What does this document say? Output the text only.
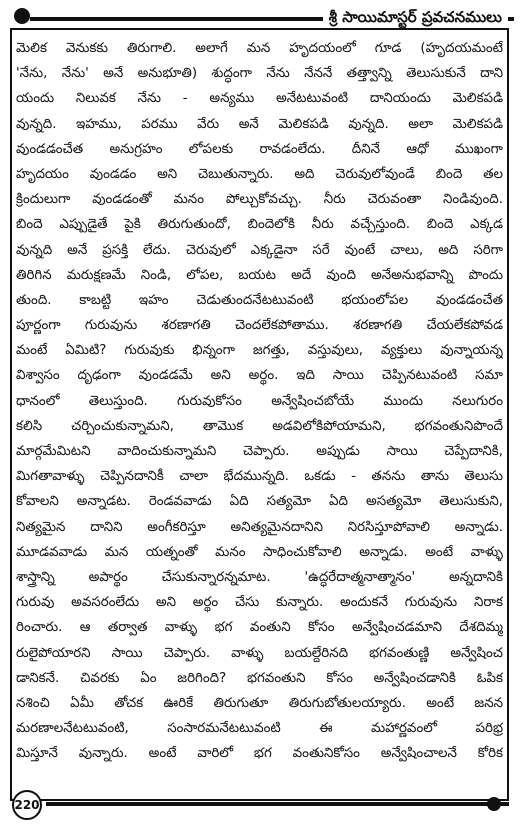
శ్రీ సాయిమాస్టర్ ప్రవచనములు
మెలిక వెనుకకు తిరుగాలి. అలాగే మన హృదయంలో గూడ (హృదయమంటే
'నేను, నేను' అనే అనుభూతి) శుద్ధంగా నేను నేననే తత్త్వాన్ని తెలుసుకునే దాని
యందు నిలువక నేను - అన్యము అనేటటువంటి దానియందు మెలికపడి
వున్నది. ఇహము, పరము వేరు అనే మెలికపడి వున్నది. అలా మెలికపడి
వుండడంచేత అనుగ్రహం లోపలకు రావడంలేదు. దీనినే ఆధో ముఖంగా
హృదయం వుండడం అని చెబుతున్నారు. అది చెరువులోవుండే బిందె తల
క్రిందులుగా వుండడంతో మనం పోల్చుకోవచ్చు. నీరు చెరువంతా నిండివుంది.
బిందె ఎప్పుడైతే పైకి తిరుగుతుందో, బిందెలోకి నీరు వచ్చేస్తుంది. బిందె ఎక్కడ
వున్నది అనే ప్రసక్తి లేదు. చెరువులో ఎక్కడైనా సరే వుంటే చాలు, అది సరిగా
తిరిగిన మరుక్షణమే నిండి, లోపల, బయట అదే వుంది అనేఅనుభవాన్ని పొందు
తుంది. కాబట్టి ఇహం చెడుతుందనేటటువంటి భయంలోపల వుండడంచేత
పూర్ణంగా గురువును శరణాగతి చెందలేకపోతాము. శరణాగతి చేయలేకపోవడ
మంటే ఏమిటి? గురువుకు భిన్నంగా జగత్తు, వస్తువులు, వ్యక్తులు వున్నాయన్న
విశ్వాసం దృఢంగా వుండడమే అని అర్థం. ఇది సాయి చెప్పినటువంటి సమా
ధానంలో తెలుస్తుంది. గురువుకోసం అన్వేషించబోయే ముందు నలుగురం
కలిసి చర్చించుకున్నామని, తామొక అడవిలోకిపోయామని, భగవంతునిపొందే
మార్గమేమిటని వాదించుకున్నామని చెప్పారు. అప్పుడు సాయి చెప్పేదానికి,
మిగతావాళ్ళు చెప్పినదానికీ చాలా భేదమున్నది. ఒకడు - తనను తాను తెలుసు
కోవాలని అన్నాడట. రెండవవాడు ఏది సత్యమో ఏది అసత్యమో తెలుసుకుని,
నిత్యమైన దానిని అంగీకరిస్తూ అనిత్యమైనదానిని నిరసిస్తూపోవాలి అన్నాడు.
మూడవవాడు మన యత్నంతో మనం సాధించుకోవాలి అన్నాడు. అంటే వాళ్ళు
శాస్త్రాన్ని అపార్థం చేసుకున్నారన్నమాట. 'ఉద్ధరేదాత్మనాత్మానం' అన్నదానికి
గురువు అవసరంలేదు అని అర్థం చేసు కున్నారు. అందుకనే గురువును నిరాక
రించారు. ఆ తర్వాత వాళ్ళు భగ వంతుని కోసం అన్వేషించడమాని దేశదిమ్మ
రులైపోయారని సాయి చెప్పారు. వాళ్ళు బయల్దేరినది భగవంతుణ్ణి అన్వేషించ
డానికనే. చివరకు ఏం జరిగింది? భగవంతుని కోసం అన్వేషించడానికి ఓపిక
నశించి ఏమీ తోచక ఊరికే తిరుగుతూ తిరుగుబోతులయ్యారు. అంటే జనన
మరణాలనేటటువంటి, సంసారమనేటటువంటి ఈ మహార్ణవంలో పరిభ్ర
మిస్తూనే వున్నారు. అంటే వారిలో భగ వంతునికోసం అన్వేషించాలనే కోరిక
220
